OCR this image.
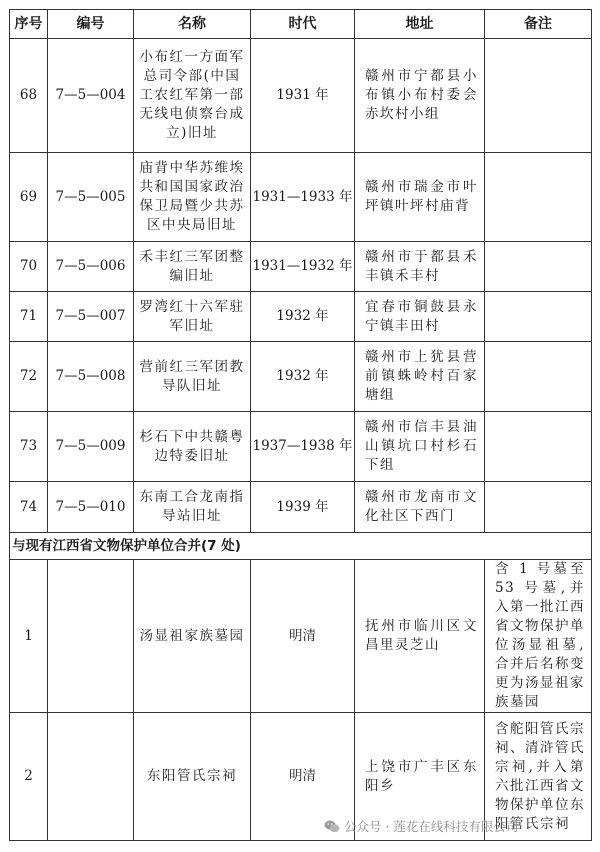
序号	编号	名称	时代	地址	备注
68	7—5—004	小布红一方面军总司令部(中国工农红军第一部无线电侦察台成立)旧址	1931 年	赣州市宁都县小布镇小布村委会赤坎村小组	
69	7—5—005	庙背中华苏维埃共和国国家政治保卫局暨少共苏区中央局旧址	1931—1933 年	赣州市瑞金市叶坪镇叶坪村庙背	
70	7—5—006	禾丰红三军团整编旧址	1931—1932 年	赣州市于都县禾丰镇禾丰村	
71	7—5—007	罗湾红十六军驻军旧址	1932 年	宜春市铜鼓县永宁镇丰田村	
72	7—5—008	营前红三军团教导队旧址	1932 年	赣州市上犹县营前镇蛛岭村百家塘组	
73	7—5—009	杉石下中共赣粤边特委旧址	1937—1938 年	赣州市信丰县油山镇坑口村杉石下组	
74	7—5—010	东南工合龙南指导站旧址	1939 年	赣州市龙南市文化社区下西门	
与现有江西省文物保护单位合并(7 处)					
1		汤显祖家族墓园	明清	抚州市临川区文昌里灵芝山	含 1 号墓至 53 号墓,并入第一批江西省文物保护单位汤显祖墓,合并后名称变更为汤显祖家族墓园
2		东阳管氏宗祠	明清	上饶市广丰区东阳乡	含舵阳管氏宗祠、清浒管氏宗祠,并入第六批江西省文物保护单位东阳管氏宗祠
公众号 · 莲花在线科技有限公司
